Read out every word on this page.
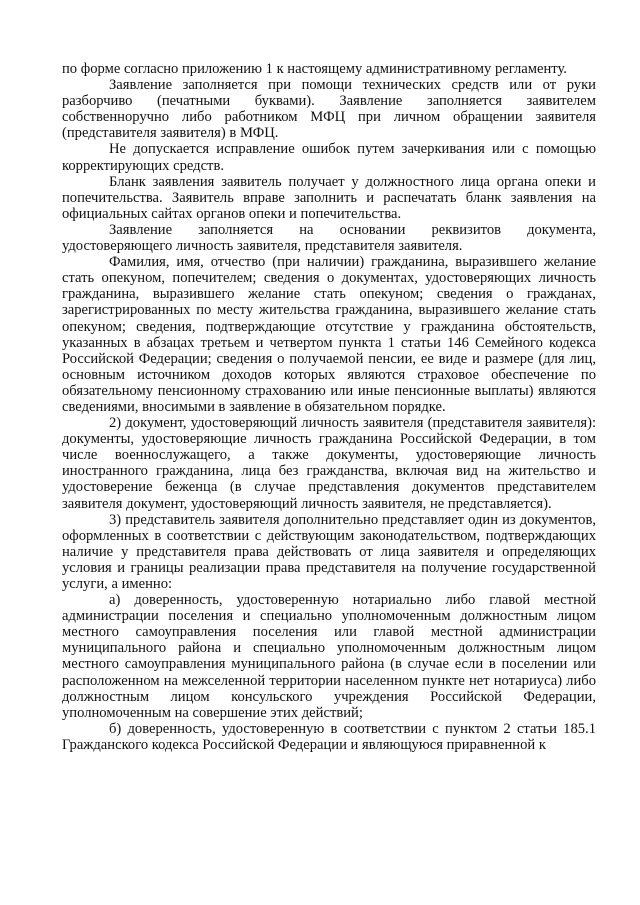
по форме согласно приложению 1 к настоящему административному регламенту.

Заявление заполняется при помощи технических средств или от руки разборчиво (печатными буквами). Заявление заполняется заявителем собственноручно либо работником МФЦ при личном обращении заявителя (представителя заявителя) в МФЦ.

Не допускается исправление ошибок путем зачеркивания или с помощью корректирующих средств.

Бланк заявления заявитель получает у должностного лица органа опеки и попечительства. Заявитель вправе заполнить и распечатать бланк заявления на официальных сайтах органов опеки и попечительства.

Заявление заполняется на основании реквизитов документа, удостоверяющего личность заявителя, представителя заявителя.

Фамилия, имя, отчество (при наличии) гражданина, выразившего желание стать опекуном, попечителем; сведения о документах, удостоверяющих личность гражданина, выразившего желание стать опекуном; сведения о гражданах, зарегистрированных по месту жительства гражданина, выразившего желание стать опекуном; сведения, подтверждающие отсутствие у гражданина обстоятельств, указанных в абзацах третьем и четвертом пункта 1 статьи 146 Семейного кодекса Российской Федерации; сведения о получаемой пенсии, ее виде и размере (для лиц, основным источником доходов которых являются страховое обеспечение по обязательному пенсионному страхованию или иные пенсионные выплаты) являются сведениями, вносимыми в заявление в обязательном порядке.

2) документ, удостоверяющий личность заявителя (представителя заявителя): документы, удостоверяющие личность гражданина Российской Федерации, в том числе военнослужащего, а также документы, удостоверяющие личность иностранного гражданина, лица без гражданства, включая вид на жительство и удостоверение беженца (в случае представления документов представителем заявителя документ, удостоверяющий личность заявителя, не представляется).

3) представитель заявителя дополнительно представляет один из документов, оформленных в соответствии с действующим законодательством, подтверждающих наличие у представителя права действовать от лица заявителя и определяющих условия и границы реализации права представителя на получение государственной услуги, а именно:

а) доверенность, удостоверенную нотариально либо главой местной администрации поселения и специально уполномоченным должностным лицом местного самоуправления поселения или главой местной администрации муниципального района и специально уполномоченным должностным лицом местного самоуправления муниципального района (в случае если в поселении или расположенном на межселенной территории населенном пункте нет нотариуса) либо должностным лицом консульского учреждения Российской Федерации, уполномоченным на совершение этих действий;

б) доверенность, удостоверенную в соответствии с пунктом 2 статьи 185.1 Гражданского кодекса Российской Федерации и являющуюся приравненной к
